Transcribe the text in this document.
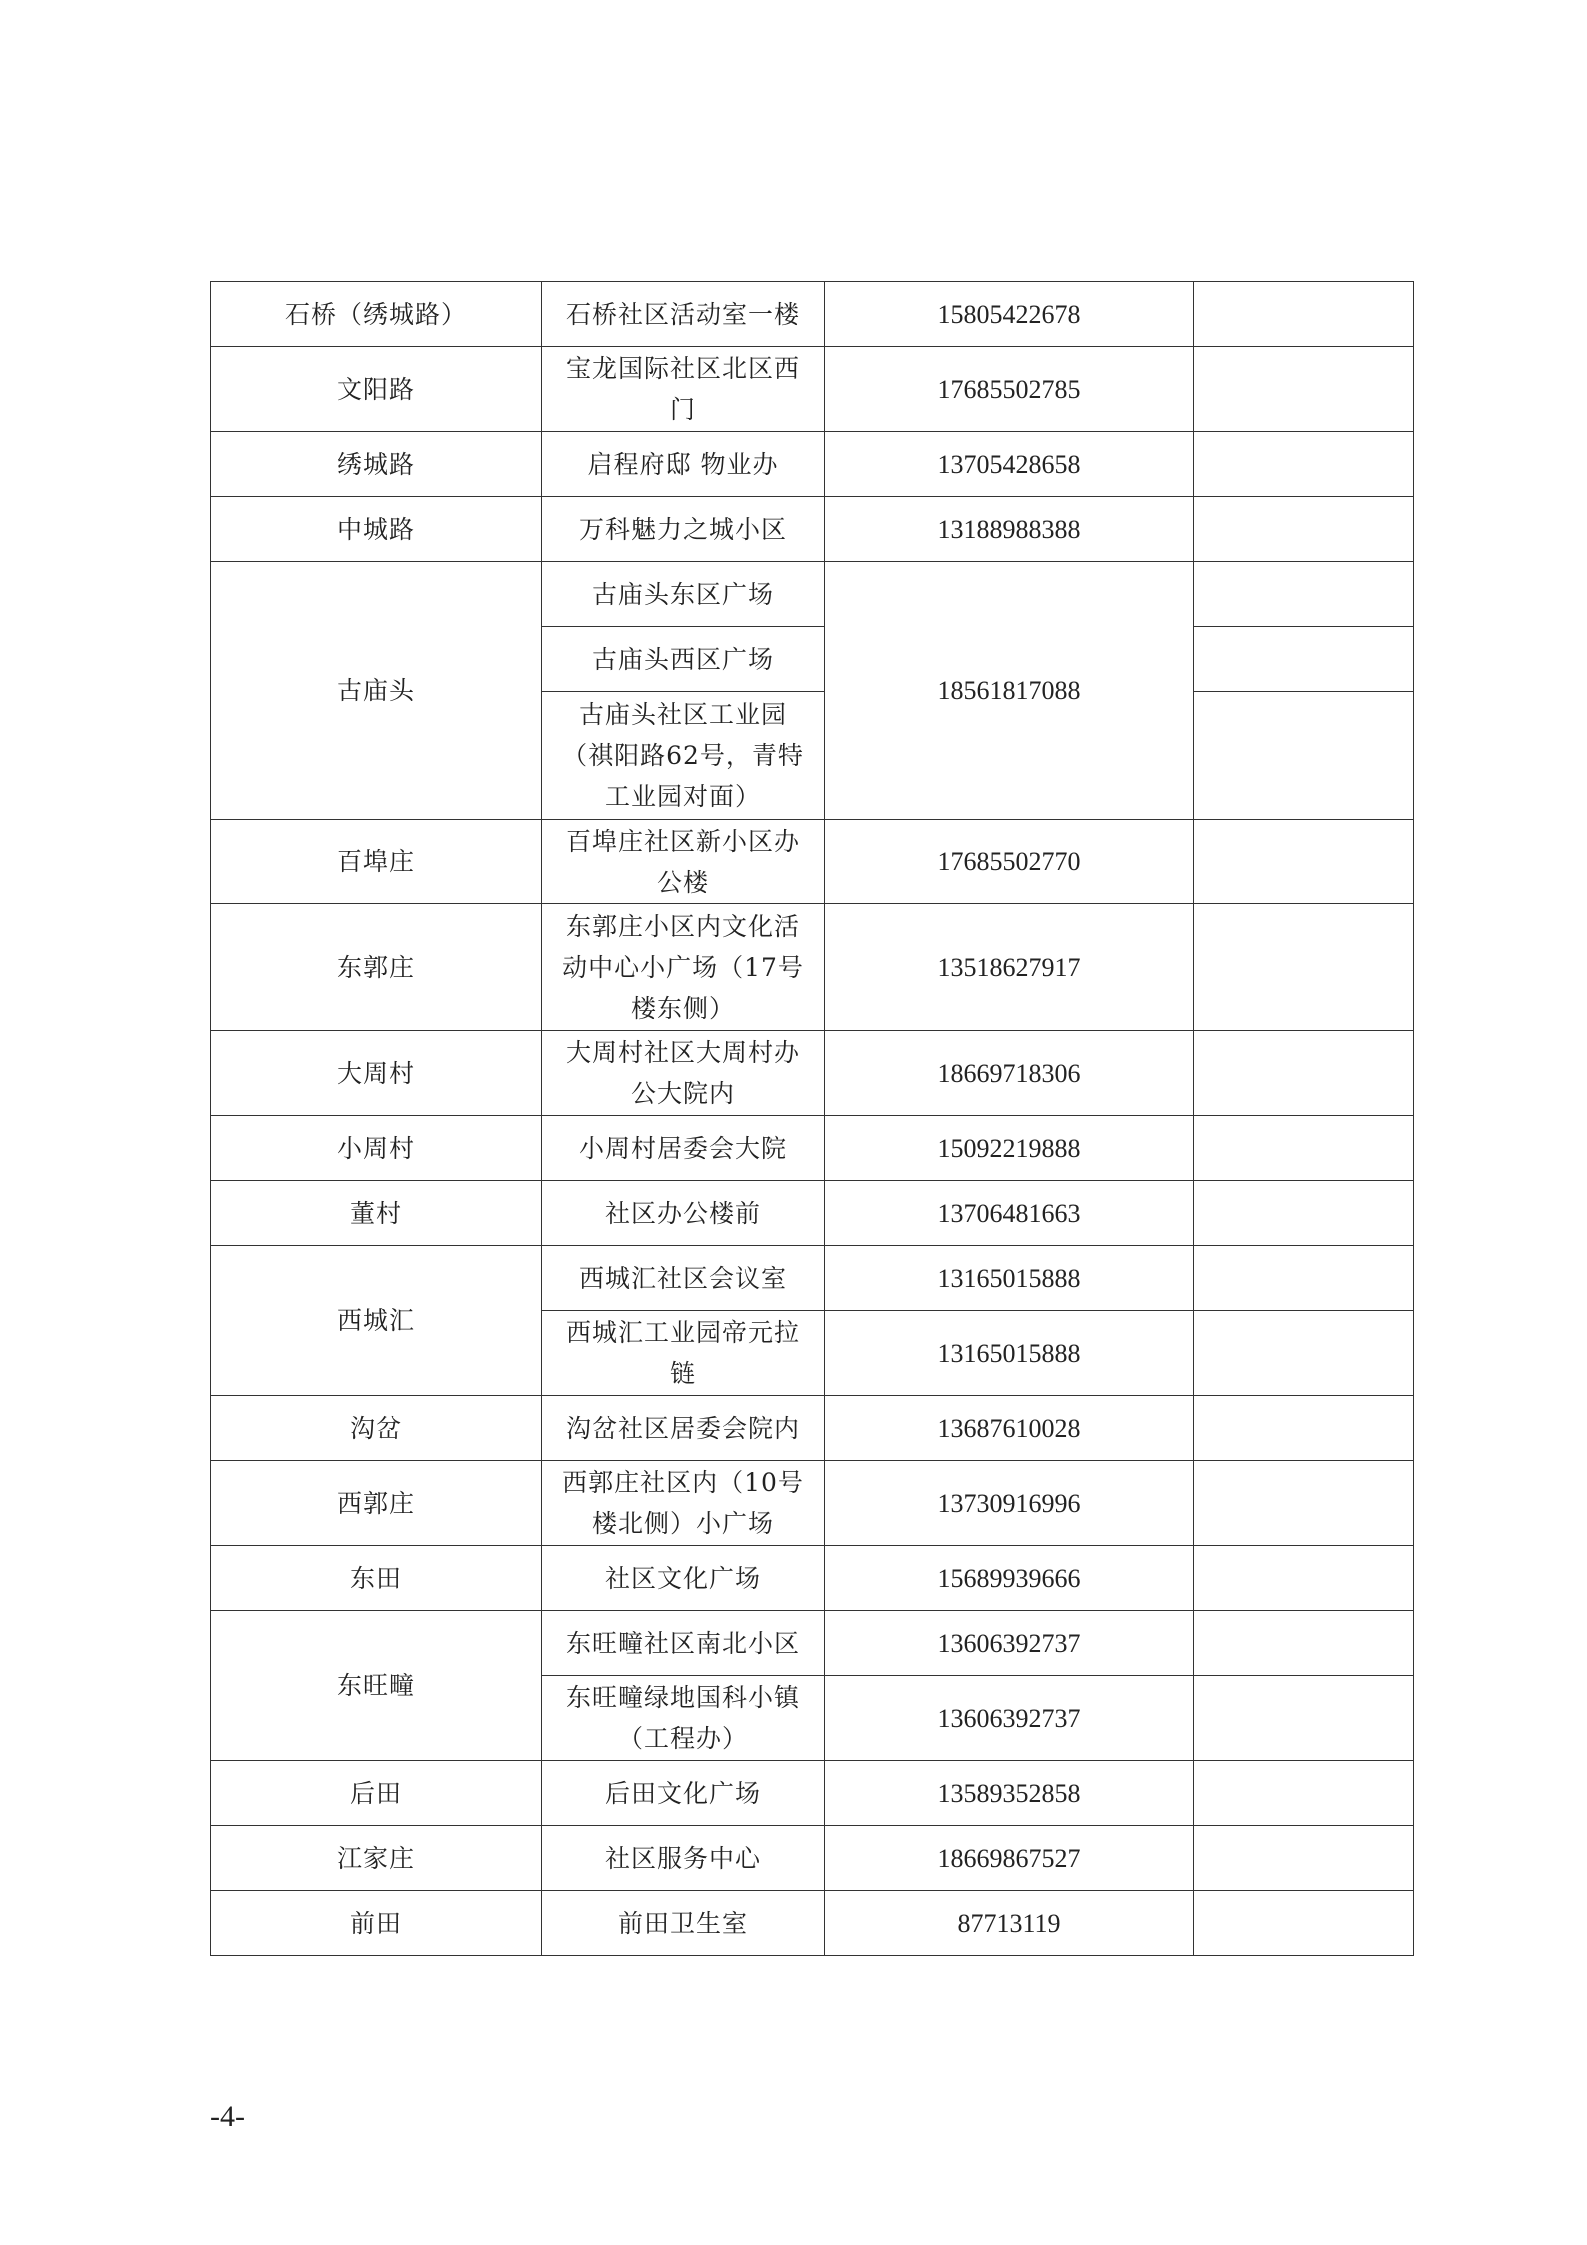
石桥（绣城路）	石桥社区活动室一楼	15805422678	
文阳路	宝龙国际社区北区西门	17685502785	
绣城路	启程府邸 物业办	13705428658	
中城路	万科魅力之城小区	13188988388	
古庙头	古庙头东区广场	18561817088	
	古庙头西区广场		
	古庙头社区工业园（祺阳路62号，青特工业园对面）		
百埠庄	百埠庄社区新小区办公楼	17685502770	
东郭庄	东郭庄小区内文化活动中心小广场（17号楼东侧）	13518627917	
大周村	大周村社区大周村办公大院内	18669718306	
小周村	小周村居委会大院	15092219888	
董村	社区办公楼前	13706481663	
西城汇	西城汇社区会议室	13165015888	
	西城汇工业园帝元拉链	13165015888	
沟岔	沟岔社区居委会院内	13687610028	
西郭庄	西郭庄社区内（10号楼北侧）小广场	13730916996	
东田	社区文化广场	15689939666	
东旺疃	东旺疃社区南北小区	13606392737	
	东旺疃绿地国科小镇（工程办）	13606392737	
后田	后田文化广场	13589352858	
江家庄	社区服务中心	18669867527	
前田	前田卫生室	87713119	
-4-
